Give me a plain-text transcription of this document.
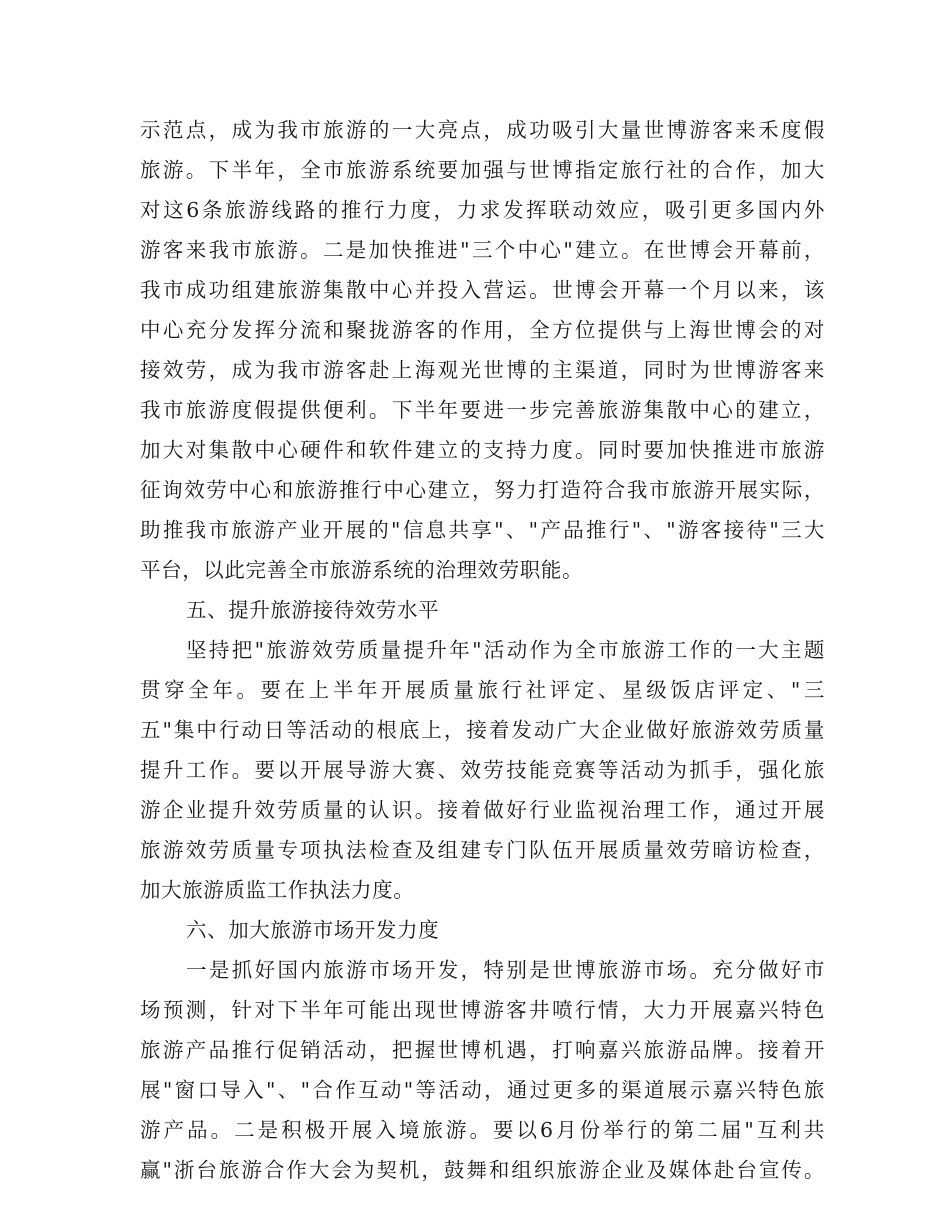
示范点，成为我市旅游的一大亮点，成功吸引大量世博游客来禾度假
旅游。下半年，全市旅游系统要加强与世博指定旅行社的合作，加大
对这6条旅游线路的推行力度，力求发挥联动效应，吸引更多国内外
游客来我市旅游。二是加快推进"三个中心"建立。在世博会开幕前，
我市成功组建旅游集散中心并投入营运。世博会开幕一个月以来，该
中心充分发挥分流和聚拢游客的作用，全方位提供与上海世博会的对
接效劳，成为我市游客赴上海观光世博的主渠道，同时为世博游客来
我市旅游度假提供便利。下半年要进一步完善旅游集散中心的建立，
加大对集散中心硬件和软件建立的支持力度。同时要加快推进市旅游
征询效劳中心和旅游推行中心建立，努力打造符合我市旅游开展实际，
助推我市旅游产业开展的"信息共享"、"产品推行"、"游客接待"三大
平台，以此完善全市旅游系统的治理效劳职能。
五、提升旅游接待效劳水平
坚持把"旅游效劳质量提升年"活动作为全市旅游工作的一大主题
贯穿全年。要在上半年开展质量旅行社评定、星级饭店评定、"三
五"集中行动日等活动的根底上，接着发动广大企业做好旅游效劳质量
提升工作。要以开展导游大赛、效劳技能竞赛等活动为抓手，强化旅
游企业提升效劳质量的认识。接着做好行业监视治理工作，通过开展
旅游效劳质量专项执法检查及组建专门队伍开展质量效劳暗访检查，
加大旅游质监工作执法力度。
六、加大旅游市场开发力度
一是抓好国内旅游市场开发，特别是世博旅游市场。充分做好市
场预测，针对下半年可能出现世博游客井喷行情，大力开展嘉兴特色
旅游产品推行促销活动，把握世博机遇，打响嘉兴旅游品牌。接着开
展"窗口导入"、"合作互动"等活动，通过更多的渠道展示嘉兴特色旅
游产品。二是积极开展入境旅游。要以6月份举行的第二届"互利共
赢"浙台旅游合作大会为契机，鼓舞和组织旅游企业及媒体赴台宣传。
